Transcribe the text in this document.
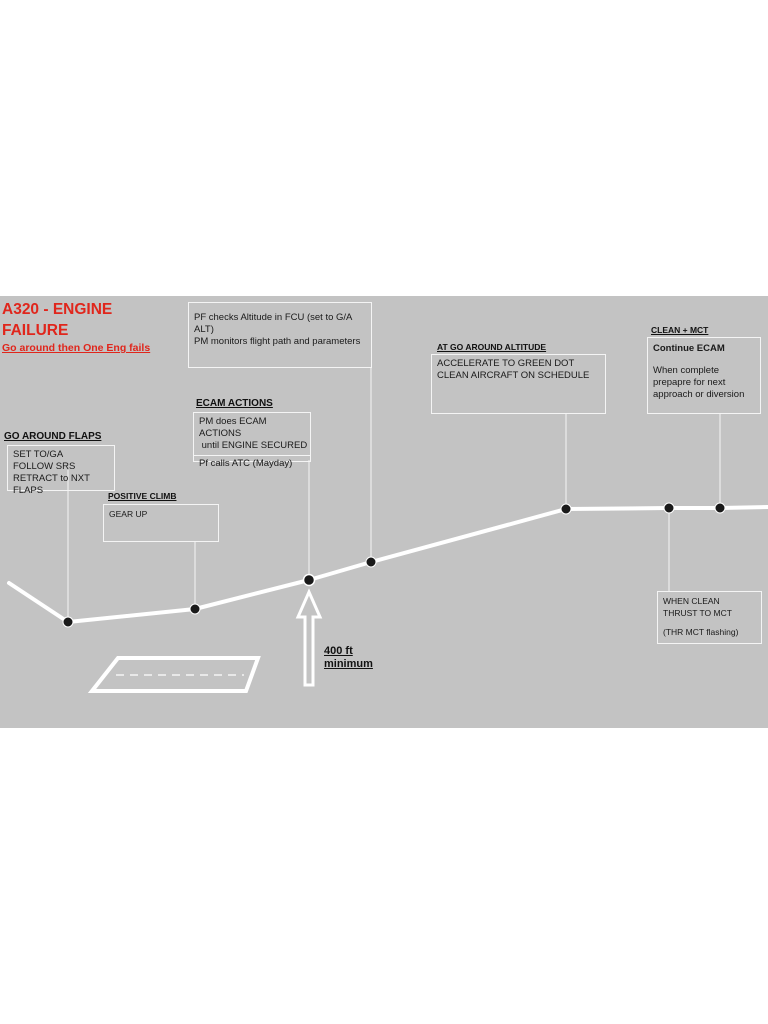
A320 - ENGINE FAILURE
Go around then One Eng fails
GO AROUND FLAPS
SET TO/GA
FOLLOW SRS
RETRACT to NXT FLAPS	POSITIVE CLIMB
GEAR UP
ECAM ACTIONS
PM does ECAM ACTIONS
until ENGINE SECURED
Pf calls ATC (Mayday)
PF checks Altitude in FCU (set to G/A ALT)
PM monitors flight path and parameters	AT GO AROUND ALTITUDE
ACCELERATE TO GREEN DOT
CLEAN AIRCRAFT ON SCHEDULE
CLEAN + MCT
Continue ECAM
When complete prepapre for next approach or diversion
WHEN CLEAN
THRUST TO MCT
(THR MCT flashing)
400 ft
minimum
